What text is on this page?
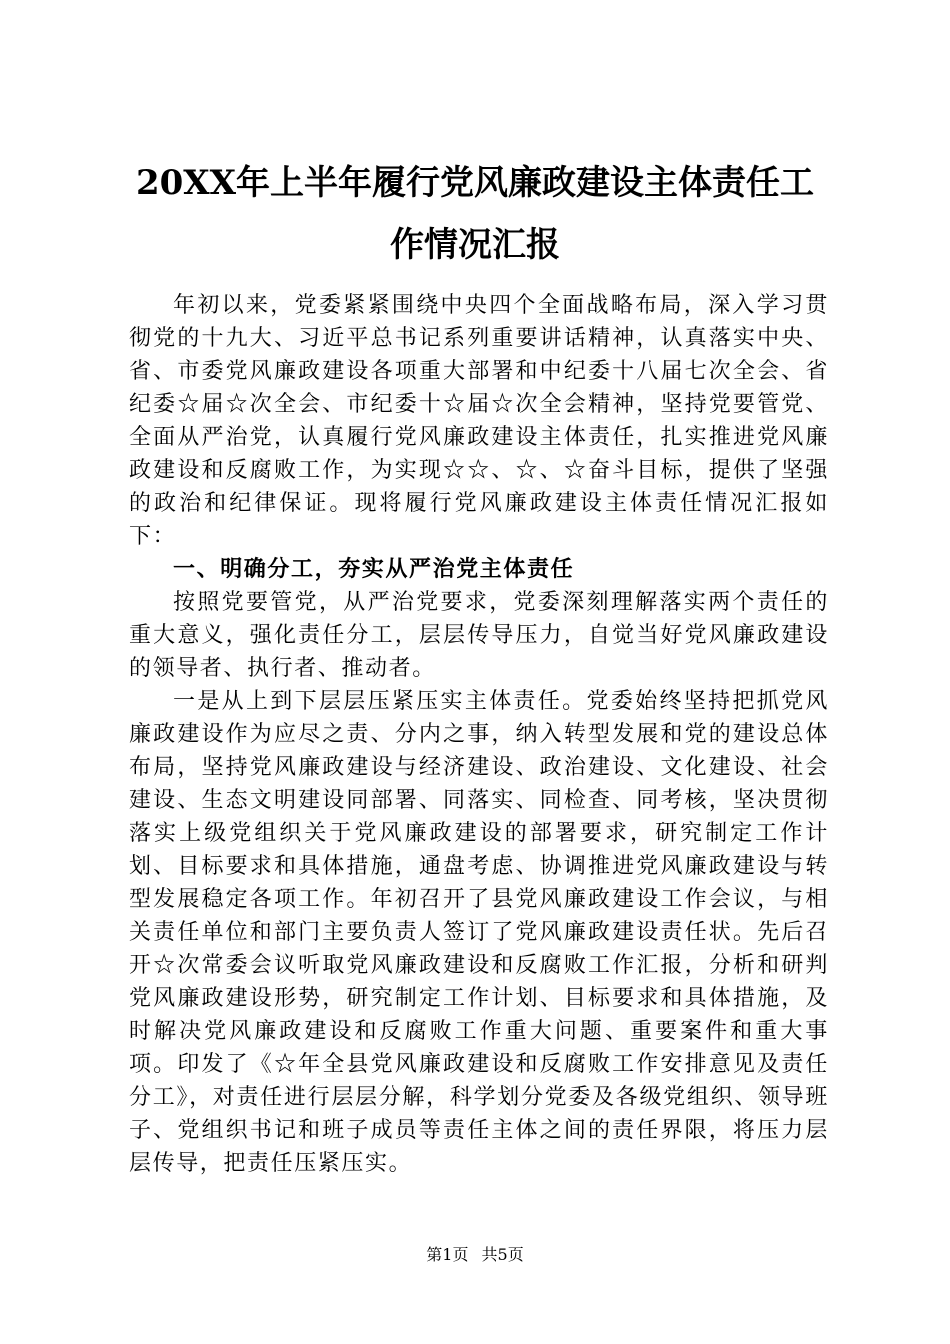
20XX年上半年履行党风廉政建设主体责任工作情况汇报

年初以来，党委紧紧围绕中央四个全面战略布局，深入学习贯彻党的十九大、习近平总书记系列重要讲话精神，认真落实中央、省、市委党风廉政建设各项重大部署和中纪委十八届七次全会、省纪委☆届☆次全会、市纪委十☆届☆次全会精神，坚持党要管党、全面从严治党，认真履行党风廉政建设主体责任，扎实推进党风廉政建设和反腐败工作，为实现☆☆、☆、☆奋斗目标，提供了坚强的政治和纪律保证。现将履行党风廉政建设主体责任情况汇报如下：

一、明确分工，夯实从严治党主体责任

按照党要管党，从严治党要求，党委深刻理解落实两个责任的重大意义，强化责任分工，层层传导压力，自觉当好党风廉政建设的领导者、执行者、推动者。

一是从上到下层层压紧压实主体责任。党委始终坚持把抓党风廉政建设作为应尽之责、分内之事，纳入转型发展和党的建设总体布局，坚持党风廉政建设与经济建设、政治建设、文化建设、社会建设、生态文明建设同部署、同落实、同检查、同考核，坚决贯彻落实上级党组织关于党风廉政建设的部署要求，研究制定工作计划、目标要求和具体措施，通盘考虑、协调推进党风廉政建设与转型发展稳定各项工作。年初召开了县党风廉政建设工作会议，与相关责任单位和部门主要负责人签订了党风廉政建设责任状。先后召开☆次常委会议听取党风廉政建设和反腐败工作汇报，分析和研判党风廉政建设形势，研究制定工作计划、目标要求和具体措施，及时解决党风廉政建设和反腐败工作重大问题、重要案件和重大事项。印发了《☆年全县党风廉政建设和反腐败工作安排意见及责任分工》，对责任进行层层分解，科学划分党委及各级党组织、领导班子、党组织书记和班子成员等责任主体之间的责任界限，将压力层层传导，把责任压紧压实。

第1页 共5页
